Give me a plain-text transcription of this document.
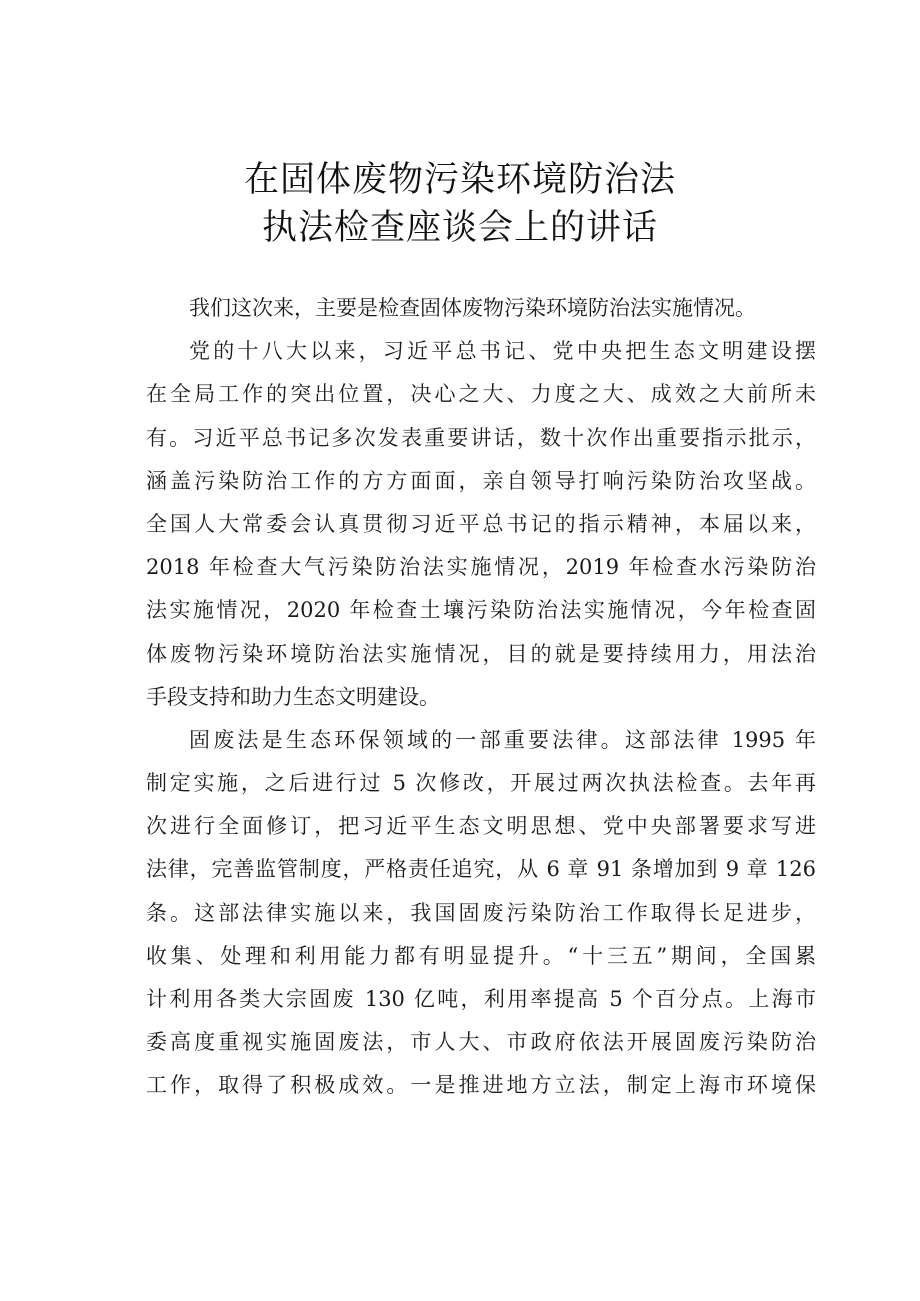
在固体废物污染环境防治法
执法检查座谈会上的讲话
我们这次来，主要是检查固体废物污染环境防治法实施情况。
党的十八大以来，习近平总书记、党中央把生态文明建设摆
在全局工作的突出位置，决心之大、力度之大、成效之大前所未
有。习近平总书记多次发表重要讲话，数十次作出重要指示批示，
涵盖污染防治工作的方方面面，亲自领导打响污染防治攻坚战。
全国人大常委会认真贯彻习近平总书记的指示精神，本届以来，
2018 年检查大气污染防治法实施情况，2019 年检查水污染防治
法实施情况，2020 年检查土壤污染防治法实施情况，今年检查固
体废物污染环境防治法实施情况，目的就是要持续用力，用法治
手段支持和助力生态文明建设。
固废法是生态环保领域的一部重要法律。这部法律 1995 年
制定实施，之后进行过 5 次修改，开展过两次执法检查。去年再
次进行全面修订，把习近平生态文明思想、党中央部署要求写进
法律，完善监管制度，严格责任追究，从 6 章 91 条增加到 9 章 126
条。这部法律实施以来，我国固废污染防治工作取得长足进步，
收集、处理和利用能力都有明显提升。“十三五”期间，全国累
计利用各类大宗固废 130 亿吨，利用率提高 5 个百分点。上海市
委高度重视实施固废法，市人大、市政府依法开展固废污染防治
工作，取得了积极成效。一是推进地方立法，制定上海市环境保
